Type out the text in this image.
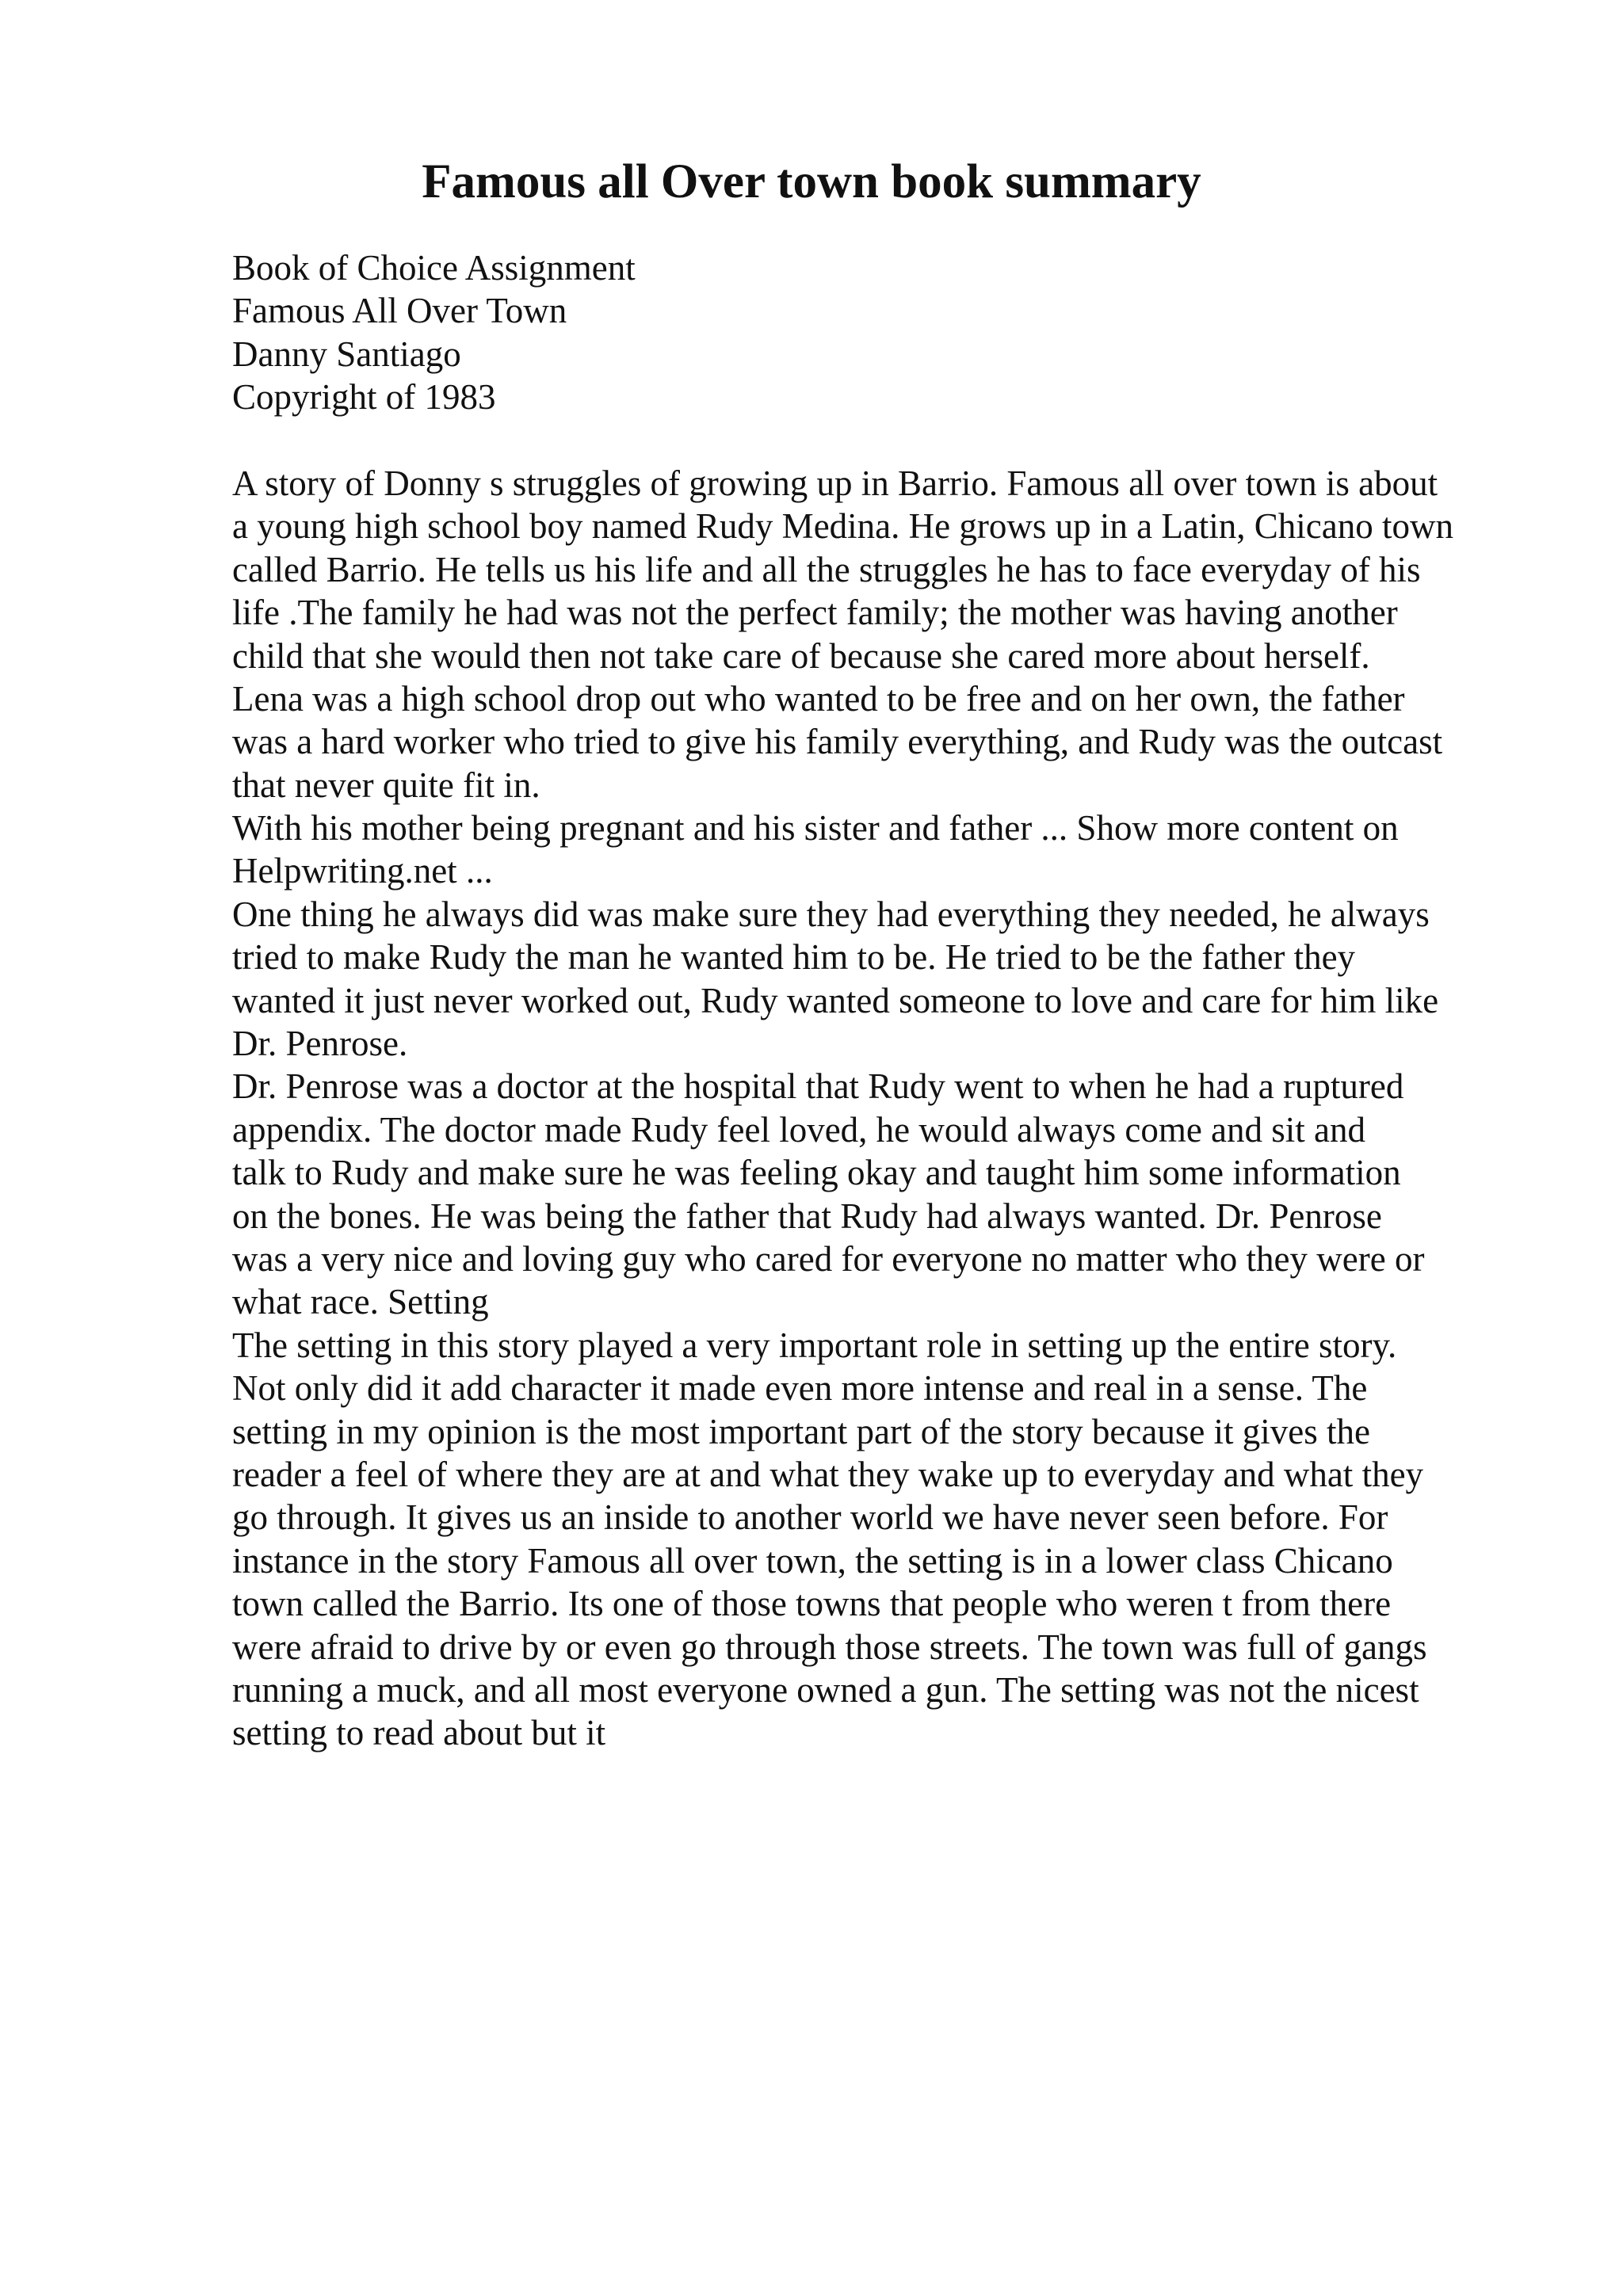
Famous all Over town book summary
Book of Choice Assignment
Famous All Over Town
Danny Santiago
Copyright of 1983
A story of Donny s struggles of growing up in Barrio. Famous all over town is about
a young high school boy named Rudy Medina. He grows up in a Latin, Chicano town
called Barrio. He tells us his life and all the struggles he has to face everyday of his
life .The family he had was not the perfect family; the mother was having another
child that she would then not take care of because she cared more about herself.
Lena was a high school drop out who wanted to be free and on her own, the father
was a hard worker who tried to give his family everything, and Rudy was the outcast
that never quite fit in.
With his mother being pregnant and his sister and father ... Show more content on
Helpwriting.net ...
One thing he always did was make sure they had everything they needed, he always
tried to make Rudy the man he wanted him to be. He tried to be the father they
wanted it just never worked out, Rudy wanted someone to love and care for him like
Dr. Penrose.
Dr. Penrose was a doctor at the hospital that Rudy went to when he had a ruptured
appendix. The doctor made Rudy feel loved, he would always come and sit and
talk to Rudy and make sure he was feeling okay and taught him some information
on the bones. He was being the father that Rudy had always wanted. Dr. Penrose
was a very nice and loving guy who cared for everyone no matter who they were or
what race. Setting
The setting in this story played a very important role in setting up the entire story.
Not only did it add character it made even more intense and real in a sense. The
setting in my opinion is the most important part of the story because it gives the
reader a feel of where they are at and what they wake up to everyday and what they
go through. It gives us an inside to another world we have never seen before. For
instance in the story Famous all over town, the setting is in a lower class Chicano
town called the Barrio. Its one of those towns that people who weren t from there
were afraid to drive by or even go through those streets. The town was full of gangs
running a muck, and all most everyone owned a gun. The setting was not the nicest
setting to read about but it
